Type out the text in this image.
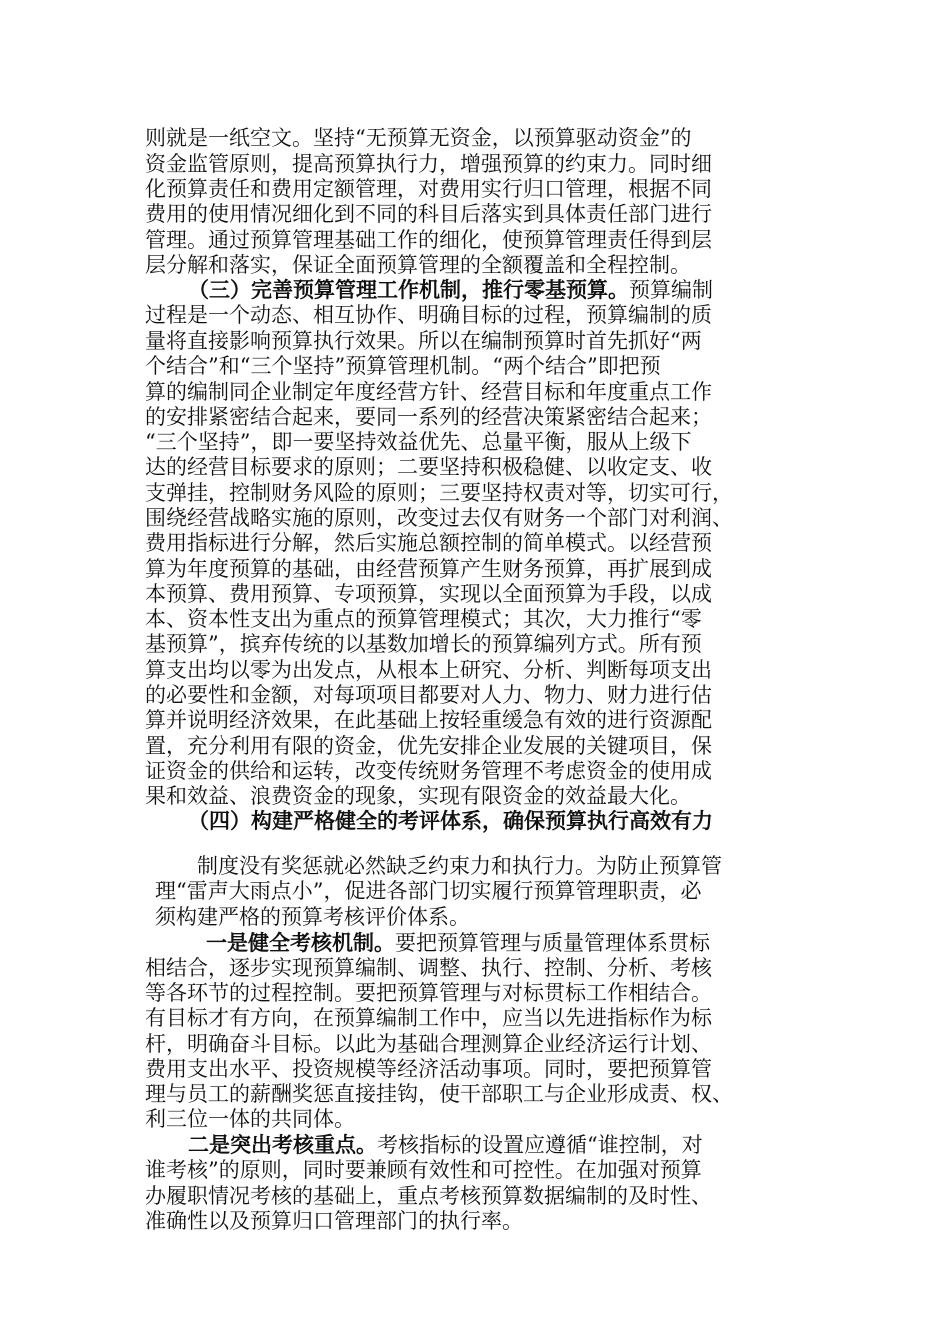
则就是一纸空文。坚持“无预算无资金，以预算驱动资金”的
资金监管原则，提高预算执行力，增强预算的约束力。同时细
化预算责任和费用定额管理，对费用实行归口管理，根据不同
费用的使用情况细化到不同的科目后落实到具体责任部门进行
管理。通过预算管理基础工作的细化，使预算管理责任得到层
层分解和落实，保证全面预算管理的全额覆盖和全程控制。
（三）完善预算管理工作机制，推行零基预算。预算编制
过程是一个动态、相互协作、明确目标的过程，预算编制的质
量将直接影响预算执行效果。所以在编制预算时首先抓好“两
个结合”和“三个坚持”预算管理机制。“两个结合”即把预
算的编制同企业制定年度经营方针、经营目标和年度重点工作
的安排紧密结合起来，要同一系列的经营决策紧密结合起来；
“三个坚持”，即一要坚持效益优先、总量平衡，服从上级下
达的经营目标要求的原则；二要坚持积极稳健、以收定支、收
支弹挂，控制财务风险的原则；三要坚持权责对等，切实可行，
围绕经营战略实施的原则，改变过去仅有财务一个部门对利润、
费用指标进行分解，然后实施总额控制的简单模式。以经营预
算为年度预算的基础，由经营预算产生财务预算，再扩展到成
本预算、费用预算、专项预算，实现以全面预算为手段，以成
本、资本性支出为重点的预算管理模式；其次，大力推行“零
基预算”，摈弃传统的以基数加增长的预算编列方式。所有预
算支出均以零为出发点，从根本上研究、分析、判断每项支出
的必要性和金额，对每项项目都要对人力、物力、财力进行估
算并说明经济效果，在此基础上按轻重缓急有效的进行资源配
置，充分利用有限的资金，优先安排企业发展的关键项目，保
证资金的供给和运转，改变传统财务管理不考虑资金的使用成
果和效益、浪费资金的现象，实现有限资金的效益最大化。
（四）构建严格健全的考评体系，确保预算执行高效有力
制度没有奖惩就必然缺乏约束力和执行力。为防止预算管
理“雷声大雨点小”，促进各部门切实履行预算管理职责，必
须构建严格的预算考核评价体系。
一是健全考核机制。要把预算管理与质量管理体系贯标
相结合，逐步实现预算编制、调整、执行、控制、分析、考核
等各环节的过程控制。要把预算管理与对标贯标工作相结合。
有目标才有方向，在预算编制工作中，应当以先进指标作为标
杆，明确奋斗目标。以此为基础合理测算企业经济运行计划、
费用支出水平、投资规模等经济活动事项。同时，要把预算管
理与员工的薪酬奖惩直接挂钩，使干部职工与企业形成责、权、
利三位一体的共同体。
二是突出考核重点。考核指标的设置应遵循“谁控制，对
谁考核”的原则，同时要兼顾有效性和可控性。在加强对预算
办履职情况考核的基础上，重点考核预算数据编制的及时性、
准确性以及预算归口管理部门的执行率。
